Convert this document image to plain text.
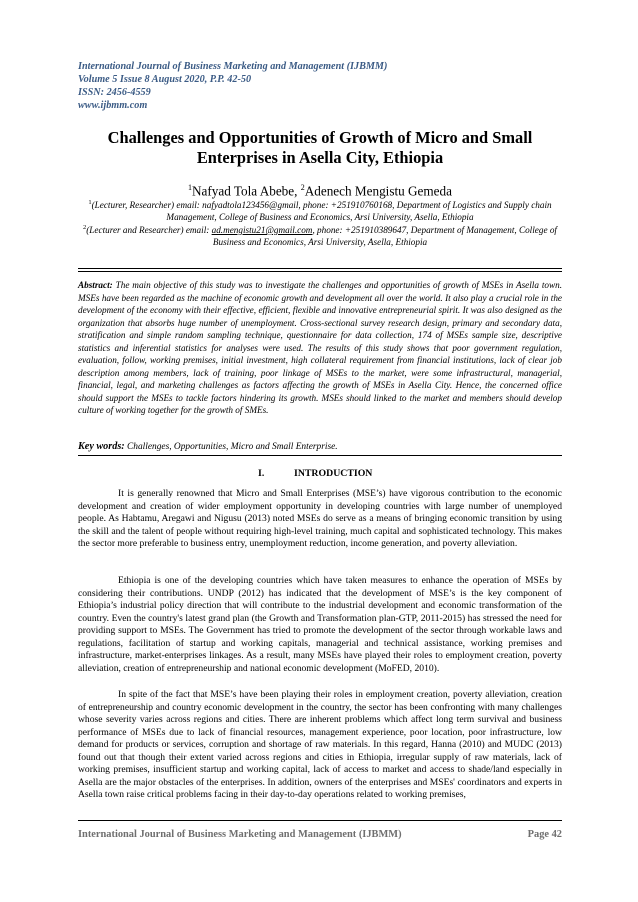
International Journal of Business Marketing and Management (IJBMM)
Volume 5 Issue 8 August 2020, P.P. 42-50
ISSN: 2456-4559
www.ijbmm.com
Challenges and Opportunities of Growth of Micro and Small
Enterprises in Asella City, Ethiopia
$^1$Nafyad Tola Abebe, $^2$Adenech Mengistu Gemeda
$^1$(Lecturer, Researcher) email: nafyadtola123456@gmail, phone: +251910760168, Department of Logistics and Supply chain Management, College of Business and Economics, Arsi University, Asella, Ethiopia
$^2$(Lecturer and Researcher) email: ad.mengistu21@gmail.com, phone: +251910389647, Department of Management, College of Business and Economics, Arsi University, Asella, Ethiopia
Abstract: The main objective of this study was to investigate the challenges and opportunities of growth of MSEs in Asella town. MSEs have been regarded as the machine of economic growth and development all over the world. It also play a crucial role in the development of the economy with their effective, efficient, flexible and innovative entrepreneurial spirit. It was also designed as the organization that absorbs huge number of unemployment. Cross-sectional survey research design, primary and secondary data, stratification and simple random sampling technique, questionnaire for data collection, 174 of MSEs sample size, descriptive statistics and inferential statistics for analyses were used. The results of this study shows that poor government regulation, evaluation, follow, working premises, initial investment, high collateral requirement from financial institutions, lack of clear job description among members, lack of training, poor linkage of MSEs to the market, were some infrastructural, managerial, financial, legal, and marketing challenges as factors affecting the growth of MSEs in Asella City. Hence, the concerned office should support the MSEs to tackle factors hindering its growth. MSEs should linked to the market and members should develop culture of working together for the growth of SMEs.
Key words: Challenges, Opportunities, Micro and Small Enterprise.
I.	INTRODUCTION

It is generally renowned that Micro and Small Enterprises (MSE’s) have vigorous contribution to the economic development and creation of wider employment opportunity in developing countries with large number of unemployed people. As Habtamu, Aregawi and Nigusu (2013) noted MSEs do serve as a means of bringing economic transition by using the skill and the talent of people without requiring high-level training, much capital and sophisticated technology. This makes the sector more preferable to business entry, unemployment reduction, income generation, and poverty alleviation.

Ethiopia is one of the developing countries which have taken measures to enhance the operation of MSEs by considering their contributions. UNDP (2012) has indicated that the development of MSE’s is the key component of Ethiopia’s industrial policy direction that will contribute to the industrial development and economic transformation of the country. Even the country's latest grand plan (the Growth and Transformation plan-GTP, 2011-2015) has stressed the need for providing support to MSEs. The Government has tried to promote the development of the sector through workable laws and regulations, facilitation of startup and working capitals, managerial and technical assistance, working premises and infrastructure, market-enterprises linkages. As a result, many MSEs have played their roles to employment creation, poverty alleviation, creation of entrepreneurship and national economic development (MoFED, 2010).

In spite of the fact that MSE’s have been playing their roles in employment creation, poverty alleviation, creation of entrepreneurship and country economic development in the country, the sector has been confronting with many challenges whose severity varies across regions and cities. There are inherent problems which affect long term survival and business performance of MSEs due to lack of financial resources, management experience, poor location, poor infrastructure, low demand for products or services, corruption and shortage of raw materials. In this regard, Hanna (2010) and MUDC (2013) found out that though their extent varied across regions and cities in Ethiopia, irregular supply of raw materials, lack of working premises, insufficient startup and working capital, lack of access to market and access to shade/land especially in Asella are the major obstacles of the enterprises. In addition, owners of the enterprises and MSEs' coordinators and experts in Asella town raise critical problems facing in their day-to-day operations related to working premises,

International Journal of Business Marketing and Management (IJBMM)	Page 42
